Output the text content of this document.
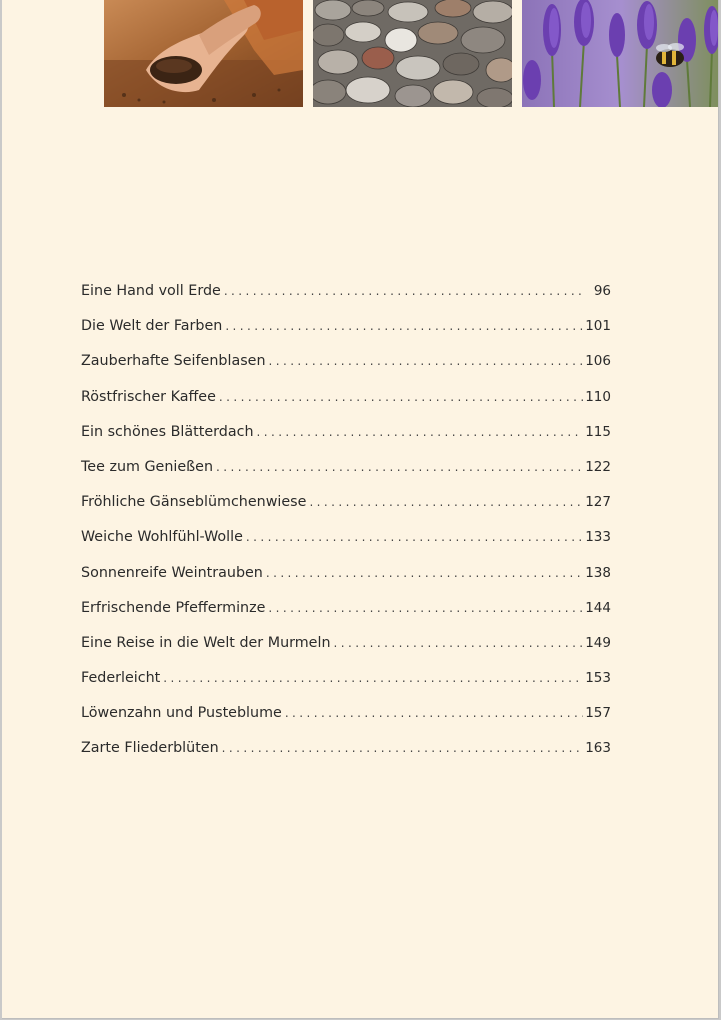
Eine Hand voll Erde . . .	96
Die Welt der Farben . . .	101
Zauberhafte Seifenblasen . . .	106
Röstfrischer Kaffee . . .	110
Ein schönes Blätterdach . . .	115
Tee zum Genießen . . .	122
Fröhliche Gänseblümchenwiese . . .	127
Weiche Wohlfühl-Wolle . . .	133
Sonnenreife Weintrauben . . .	138
Erfrischende Pfefferminze . . .	144
Eine Reise in die Welt der Murmeln . . .	149
Federleicht . . .	153
Löwenzahn und Pusteblume . . .	157
Zarte Fliederblüten . . .	163
